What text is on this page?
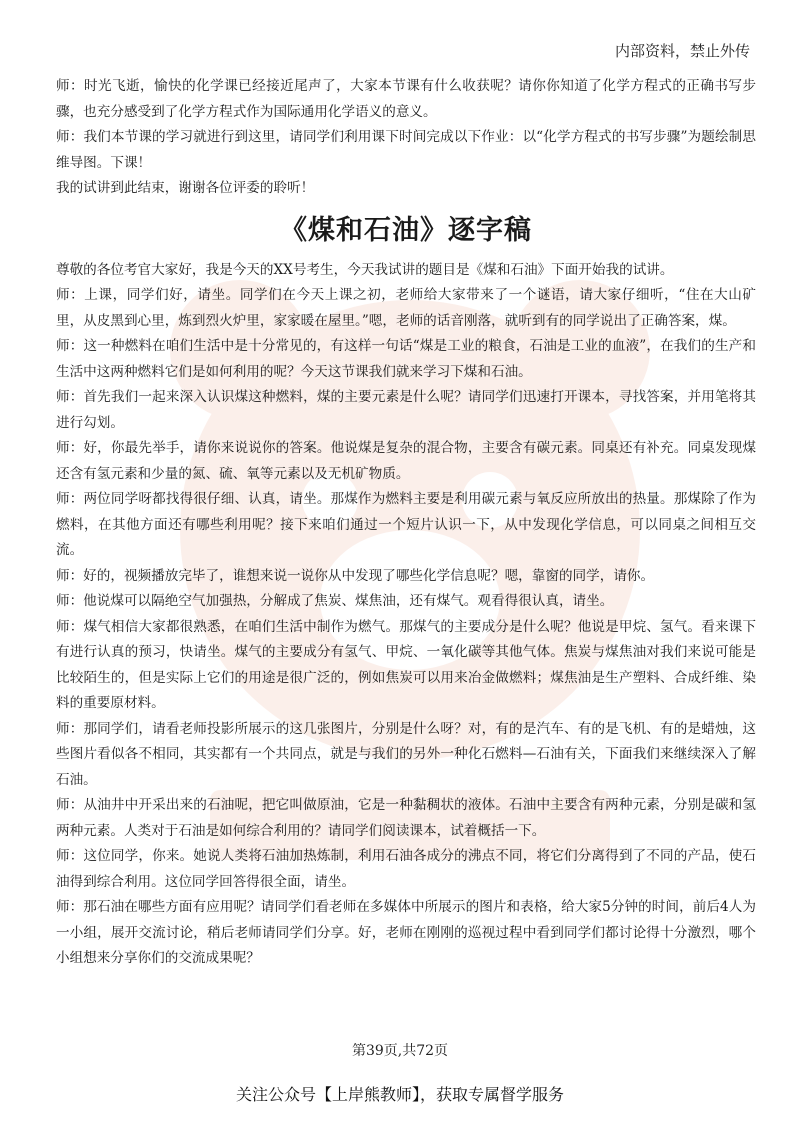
内部资料，禁止外传

师：时光飞逝，愉快的化学课已经接近尾声了，大家本节课有什么收获呢？请你你知道了化学方程式的正确书写步骤，也充分感受到了化学方程式作为国际通用化学语义的意义。

师：我们本节课的学习就进行到这里，请同学们利用课下时间完成以下作业：以“化学方程式的书写步骤”为题绘制思维导图。下课！

我的试讲到此结束，谢谢各位评委的聆听！

《煤和石油》逐字稿

尊敬的各位考官大家好，我是今天的XX号考生，今天我试讲的题目是《煤和石油》下面开始我的试讲。

师：上课，同学们好，请坐。同学们在今天上课之初，老师给大家带来了一个谜语，请大家仔细听，“住在大山矿里，从皮黑到心里，炼到烈火炉里，家家暖在屋里。”嗯，老师的话音刚落，就听到有的同学说出了正确答案，煤。

师：这一种燃料在咱们生活中是十分常见的，有这样一句话“煤是工业的粮食，石油是工业的血液”，在我们的生产和生活中这两种燃料它们是如何利用的呢？今天这节课我们就来学习下煤和石油。

师：首先我们一起来深入认识煤这种燃料，煤的主要元素是什么呢？请同学们迅速打开课本，寻找答案，并用笔将其进行勾划。

师：好，你最先举手，请你来说说你的答案。他说煤是复杂的混合物，主要含有碳元素。同桌还有补充。同桌发现煤还含有氢元素和少量的氮、硫、氧等元素以及无机矿物质。

师：两位同学呀都找得很仔细、认真，请坐。那煤作为燃料主要是利用碳元素与氧反应所放出的热量。那煤除了作为燃料，在其他方面还有哪些利用呢？接下来咱们通过一个短片认识一下，从中发现化学信息，可以同桌之间相互交流。

师：好的，视频播放完毕了，谁想来说一说你从中发现了哪些化学信息呢？嗯，靠窗的同学，请你。

师：他说煤可以隔绝空气加强热，分解成了焦炭、煤焦油，还有煤气。观看得很认真，请坐。

师：煤气相信大家都很熟悉，在咱们生活中制作为燃气。那煤气的主要成分是什么呢？他说是甲烷、氢气。看来课下有进行认真的预习，快请坐。煤气的主要成分有氢气、甲烷、一氧化碳等其他气体。焦炭与煤焦油对我们来说可能是比较陌生的，但是实际上它们的用途是很广泛的，例如焦炭可以用来冶金做燃料；煤焦油是生产塑料、合成纤维、染料的重要原材料。

师：那同学们，请看老师投影所展示的这几张图片，分别是什么呀？对，有的是汽车、有的是飞机、有的是蜡烛，这些图片看似各不相同，其实都有一个共同点，就是与我们的另外一种化石燃料—石油有关，下面我们来继续深入了解石油。

师：从油井中开采出来的石油呢，把它叫做原油，它是一种黏稠状的液体。石油中主要含有两种元素，分别是碳和氢两种元素。人类对于石油是如何综合利用的？请同学们阅读课本，试着概括一下。

师：这位同学，你来。她说人类将石油加热炼制，利用石油各成分的沸点不同，将它们分离得到了不同的产品，使石油得到综合利用。这位同学回答得很全面，请坐。

师：那石油在哪些方面有应用呢？请同学们看老师在多媒体中所展示的图片和表格，给大家5分钟的时间，前后4人为一小组，展开交流讨论，稍后老师请同学们分享。好，老师在刚刚的巡视过程中看到同学们都讨论得十分激烈，哪个小组想来分享你们的交流成果呢？

第39页,共72页
关注公众号【上岸熊教师】，获取专属督学服务
